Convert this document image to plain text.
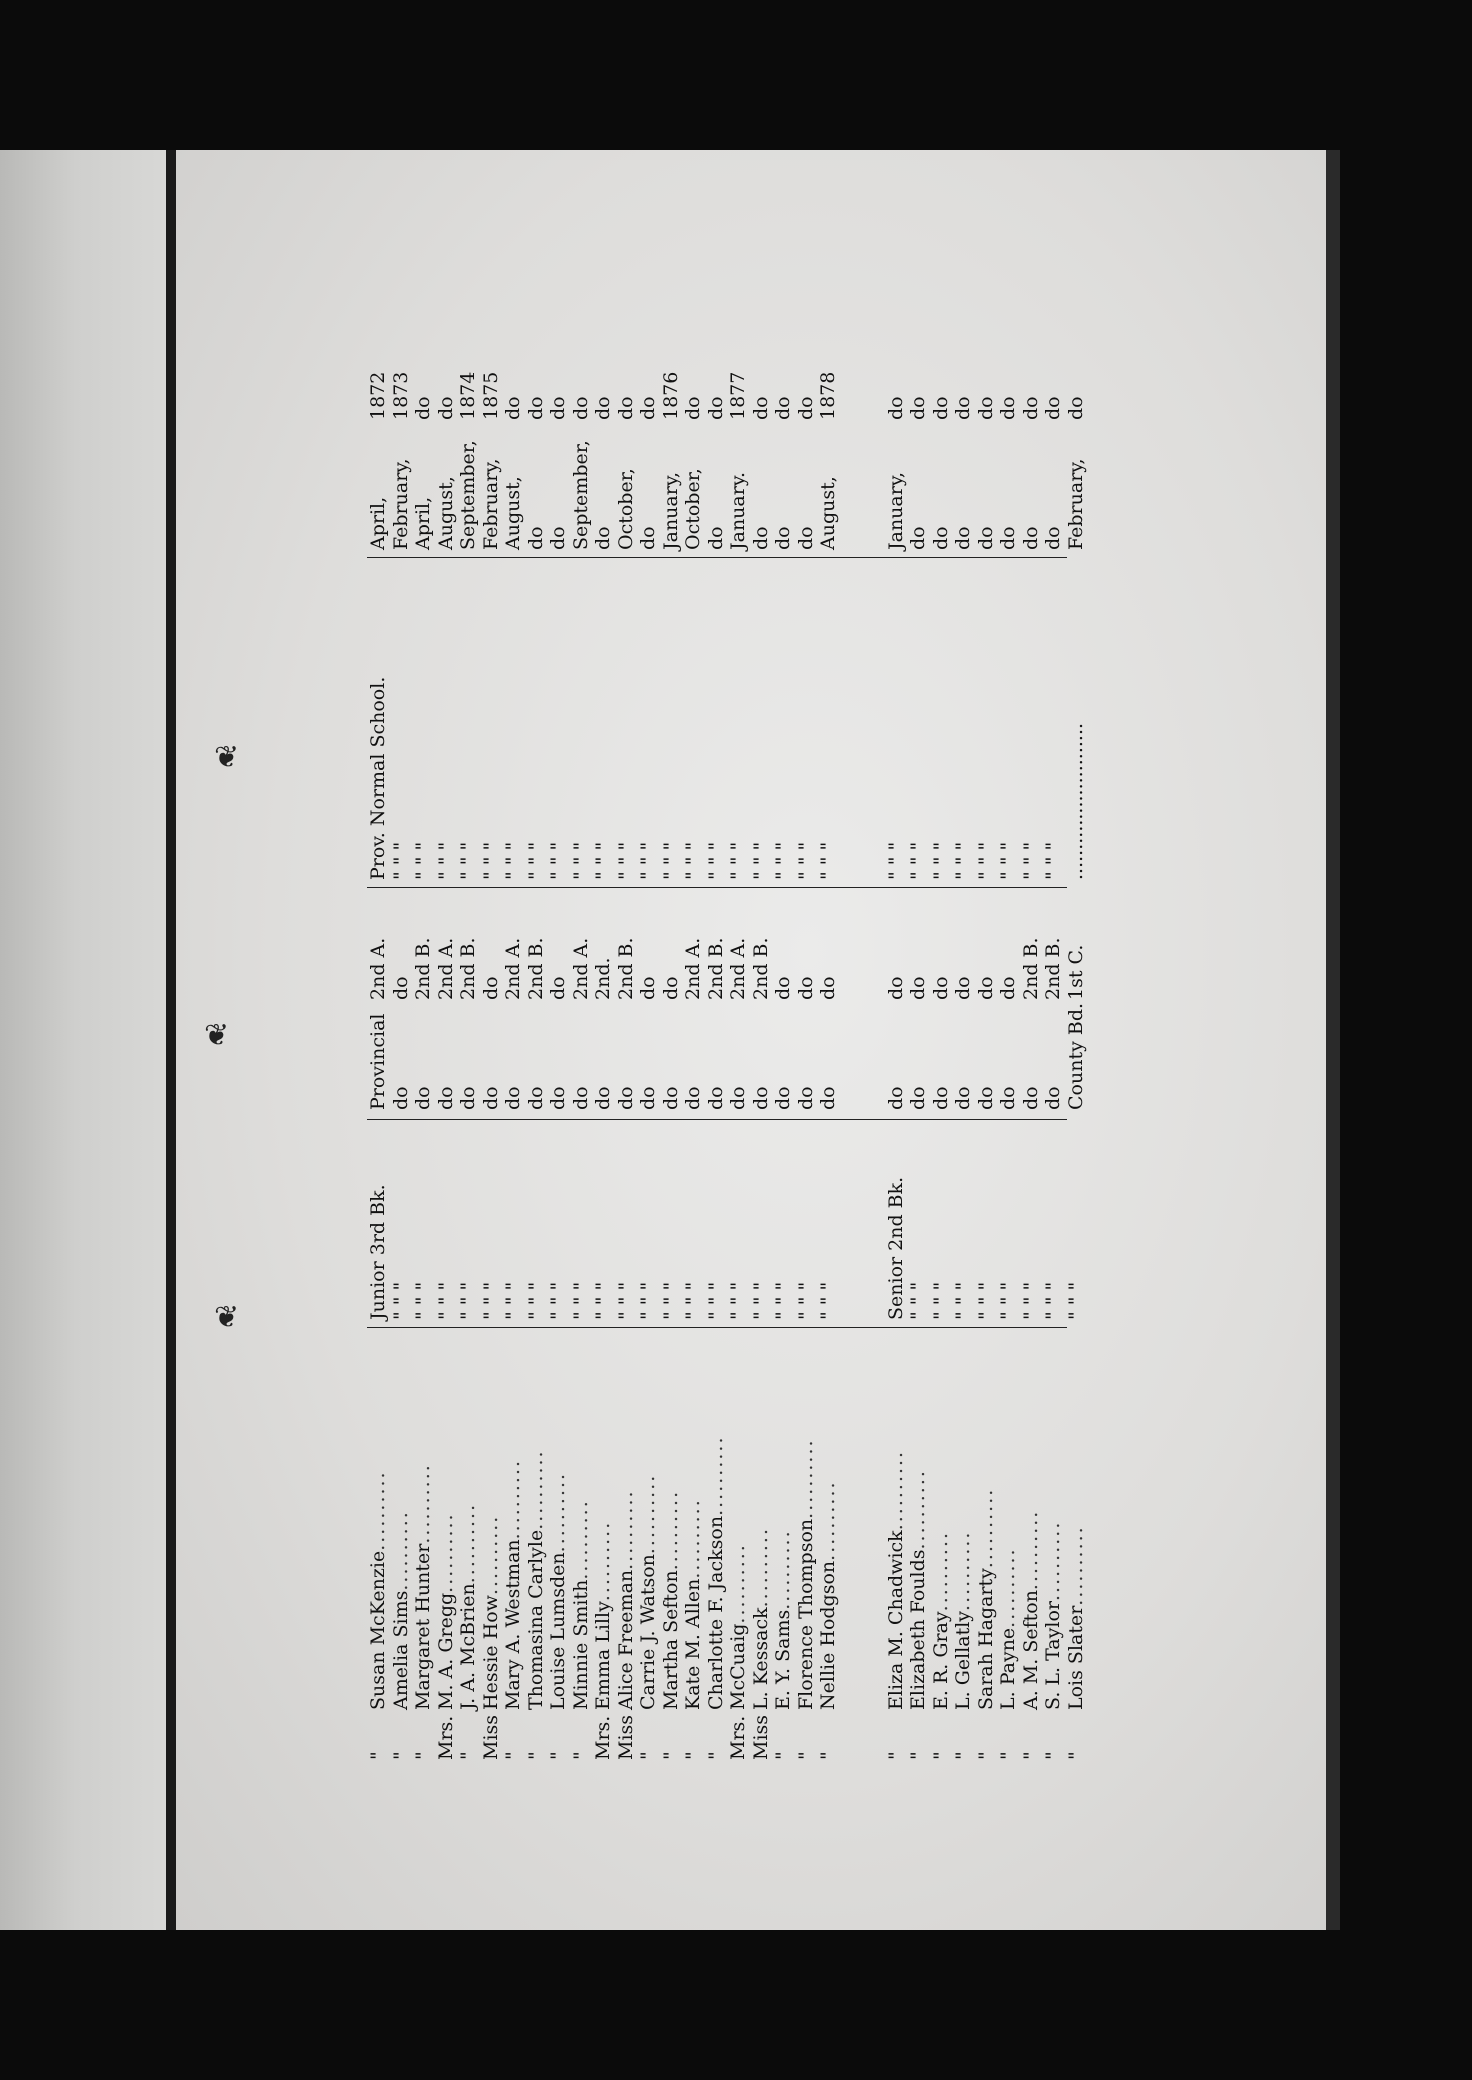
❦
❦
❦
"Susan McKenzie..........
"Amelia Sims..........
"Margaret Hunter..........
Mrs.M. A. Gregg..........
"J. A. McBrien..........
MissHessie How..........
"Mary A. Westman..........
"Thomasina Carlyle..........
"Louise Lumsden..........
"Minnie Smith..........
Mrs.Emma Lilly..........
MissAlice Freeman..........
"Carrie J. Watson..........
"Martha Sefton..........
"Kate M. Allen..........
"Charlotte F. Jackson..........
Mrs.McCuaig..........
MissL. Kessack..........
"E. Y. Sams..........
"Florence Thompson..........
"Nellie Hodgson..........
"Eliza M. Chadwick..........
"Elizabeth Foulds..........
"E. R. Gray..........
"L. Gellatly..........
"Sarah Hagarty..........
"L. Payne..........
"A. M. Sefton..........
"S. L. Taylor..........
"Lois Slater..........
Junior 3rd Bk. " " " " " " " " " " " " " " " " " " " " " " " " " " " " " " " " " " " " " " " " " " " " " " " " " " " " " " " " " " " " Senior 2nd Bk. " " " " " " " " " " " " " " " " " " " " " " " "
Provincial2nd A.
dodo
do2nd B.
do2nd A.
do2nd B.
dodo
do2nd A.
do2nd B.
dodo
do2nd A.
do2nd.
do2nd B.
dodo
dodo
do2nd A.
do2nd B.
do2nd A.
do2nd B.
dodo
dodo
dodo
dodo
dodo
dodo
dodo
dodo
dodo
do2nd B.
do2nd B.
County Bd.1st C.
Prov. Normal School. " " " " " " " " " " " " " " " " " " " " " " " " " " " " " " " " " " " " " " " " " " " " " " " " " " " " " " " " " " " " " " " " " " " " " " " " " " " " " " " " " " " " ..........................
April, February, April, August, September, February, August, do do September, do October, do January, October, do January. do do do August, January, do do do do do do do February,
1872 1873 do do 1874 1875 do do do do do do do 1876 do do 1877 do do do 1878 do do do do do do do do do
